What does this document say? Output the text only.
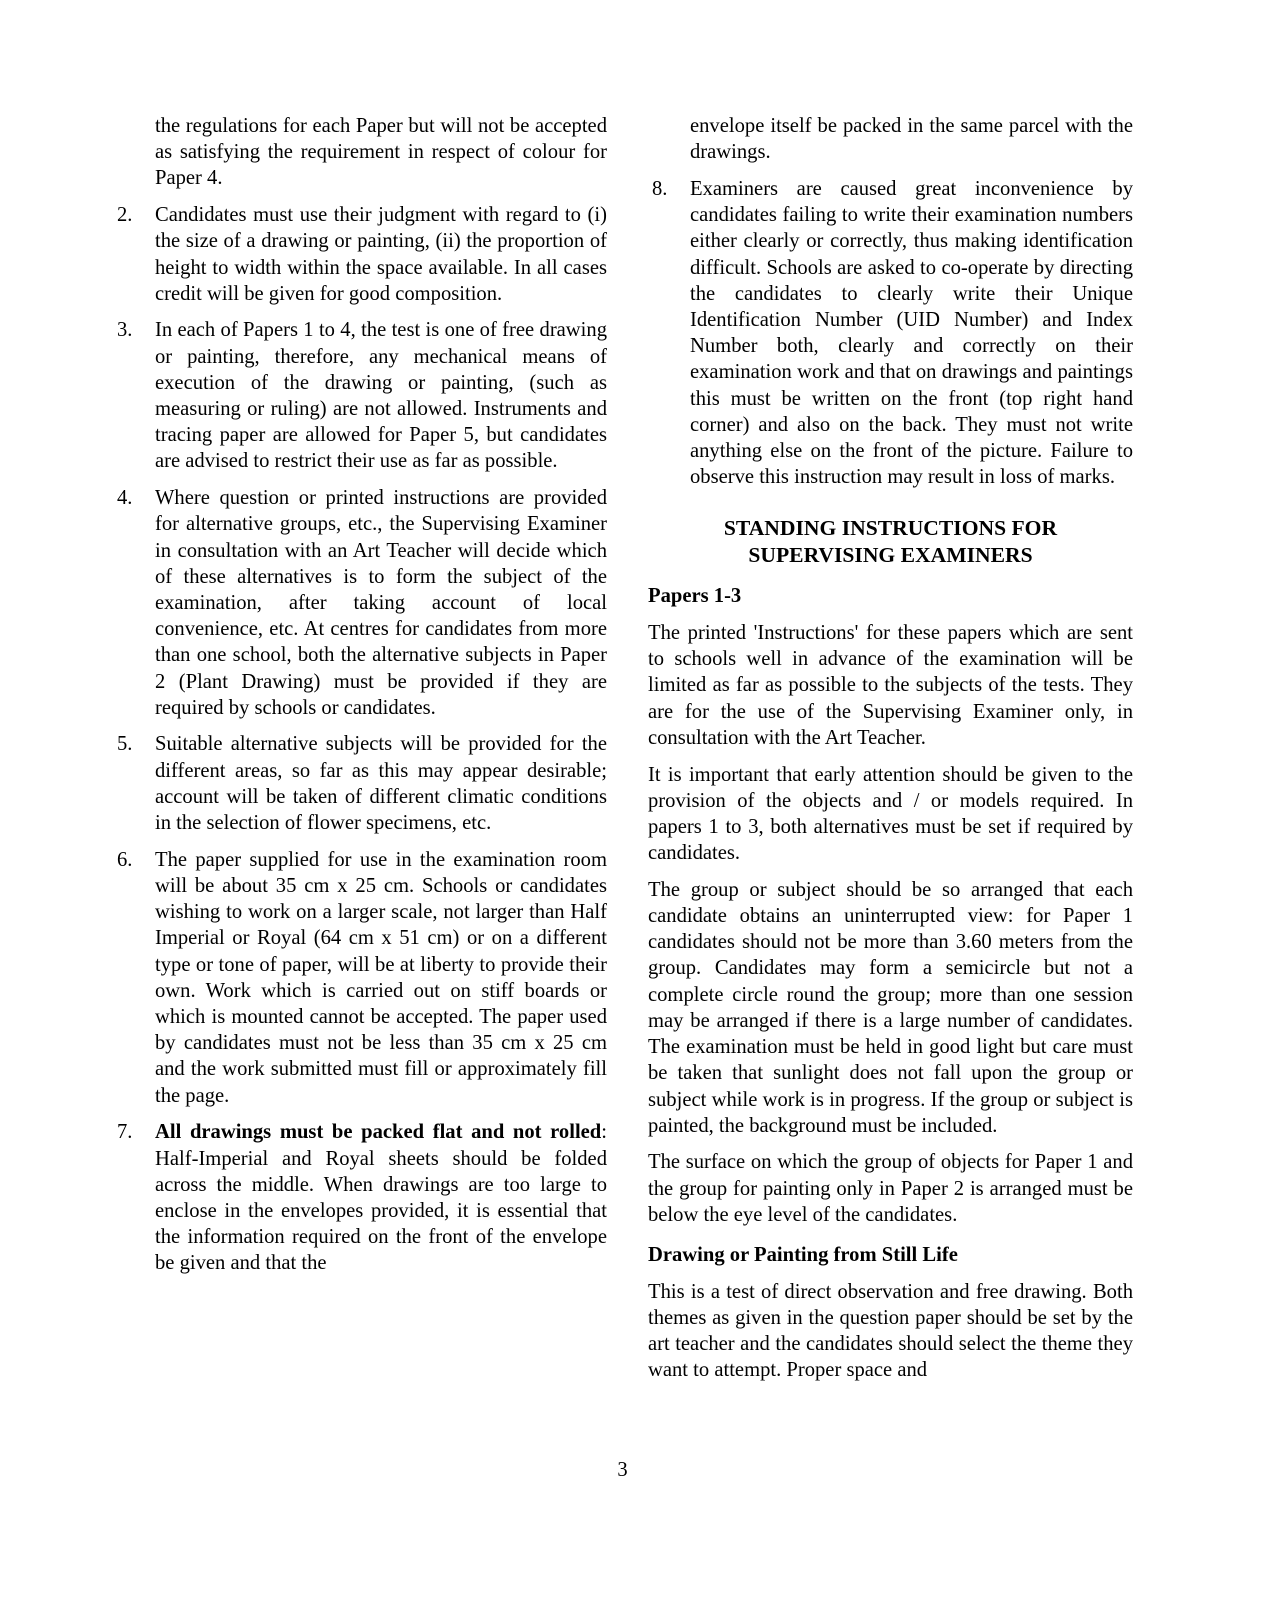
the regulations for each Paper but will not be accepted as satisfying the requirement in respect of colour for Paper 4.

2. Candidates must use their judgment with regard to (i) the size of a drawing or painting, (ii) the proportion of height to width within the space available. In all cases credit will be given for good composition.
3. In each of Papers 1 to 4, the test is one of free drawing or painting, therefore, any mechanical means of execution of the drawing or painting, (such as measuring or ruling) are not allowed. Instruments and tracing paper are allowed for Paper 5, but candidates are advised to restrict their use as far as possible.
4. Where question or printed instructions are provided for alternative groups, etc., the Supervising Examiner in consultation with an Art Teacher will decide which of these alternatives is to form the subject of the examination, after taking account of local convenience, etc. At centres for candidates from more than one school, both the alternative subjects in Paper 2 (Plant Drawing) must be provided if they are required by schools or candidates.
5. Suitable alternative subjects will be provided for the different areas, so far as this may appear desirable; account will be taken of different climatic conditions in the selection of flower specimens, etc.
6. The paper supplied for use in the examination room will be about 35 cm x 25 cm. Schools or candidates wishing to work on a larger scale, not larger than Half Imperial or Royal (64 cm x 51 cm) or on a different type or tone of paper, will be at liberty to provide their own. Work which is carried out on stiff boards or which is mounted cannot be accepted. The paper used by candidates must not be less than 35 cm x 25 cm and the work submitted must fill or approximately fill the page.
7. All drawings must be packed flat and not rolled: Half-Imperial and Royal sheets should be folded across the middle. When drawings are too large to enclose in the envelopes provided, it is essential that the information required on the front of the envelope be given and that the

envelope itself be packed in the same parcel with the drawings.

8. Examiners are caused great inconvenience by candidates failing to write their examination numbers either clearly or correctly, thus making identification difficult. Schools are asked to co-operate by directing the candidates to clearly write their Unique Identification Number (UID Number) and Index Number both, clearly and correctly on their examination work and that on drawings and paintings this must be written on the front (top right hand corner) and also on the back. They must not write anything else on the front of the picture. Failure to observe this instruction may result in loss of marks.
STANDING INSTRUCTIONS FOR
SUPERVISING EXAMINERS
Papers 1-3

The printed 'Instructions' for these papers which are sent to schools well in advance of the examination will be limited as far as possible to the subjects of the tests. They are for the use of the Supervising Examiner only, in consultation with the Art Teacher.

It is important that early attention should be given to the provision of the objects and / or models required. In papers 1 to 3, both alternatives must be set if required by candidates.

The group or subject should be so arranged that each candidate obtains an uninterrupted view: for Paper 1 candidates should not be more than 3.60 meters from the group. Candidates may form a semicircle but not a complete circle round the group; more than one session may be arranged if there is a large number of candidates. The examination must be held in good light but care must be taken that sunlight does not fall upon the group or subject while work is in progress. If the group or subject is painted, the background must be included.

The surface on which the group of objects for Paper 1 and the group for painting only in Paper 2 is arranged must be below the eye level of the candidates.

Drawing or Painting from Still Life

This is a test of direct observation and free drawing. Both themes as given in the question paper should be set by the art teacher and the candidates should select the theme they want to attempt. Proper space and

3
